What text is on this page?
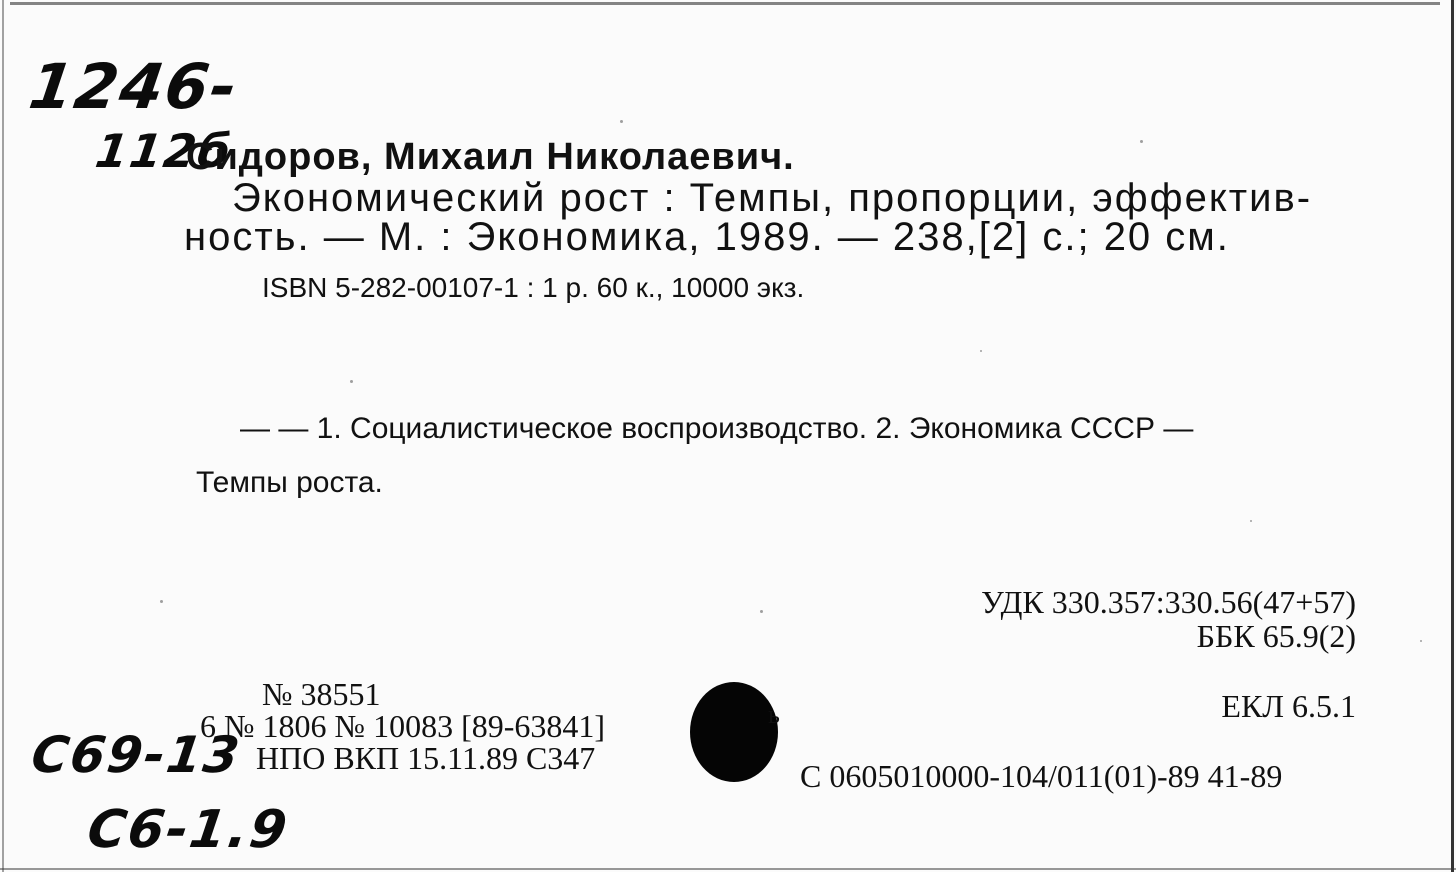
1246-
112б
Сидоров, Михаил Николаевич.
Экономический рост : Темпы, пропорции, эффектив-
ность. — М. : Экономика, 1989. — 238,[2] с.; 20 см.
ISBN 5-282-00107-1 : 1 р. 60 к., 10000 экз.
— — 1. Социалистическое воспроизводство. 2. Экономика СССР —
Темпы роста.
УДК 330.357:330.56(47+57)
ББК 65.9(2)
ЕКЛ 6.5.1
№ 38551
6 № 1806 № 10083 [89-63841]
НПО ВКП 15.11.89 С347
ь
С 0605010000-104/011(01)-89 41-89
С69-13
С6-1.9
